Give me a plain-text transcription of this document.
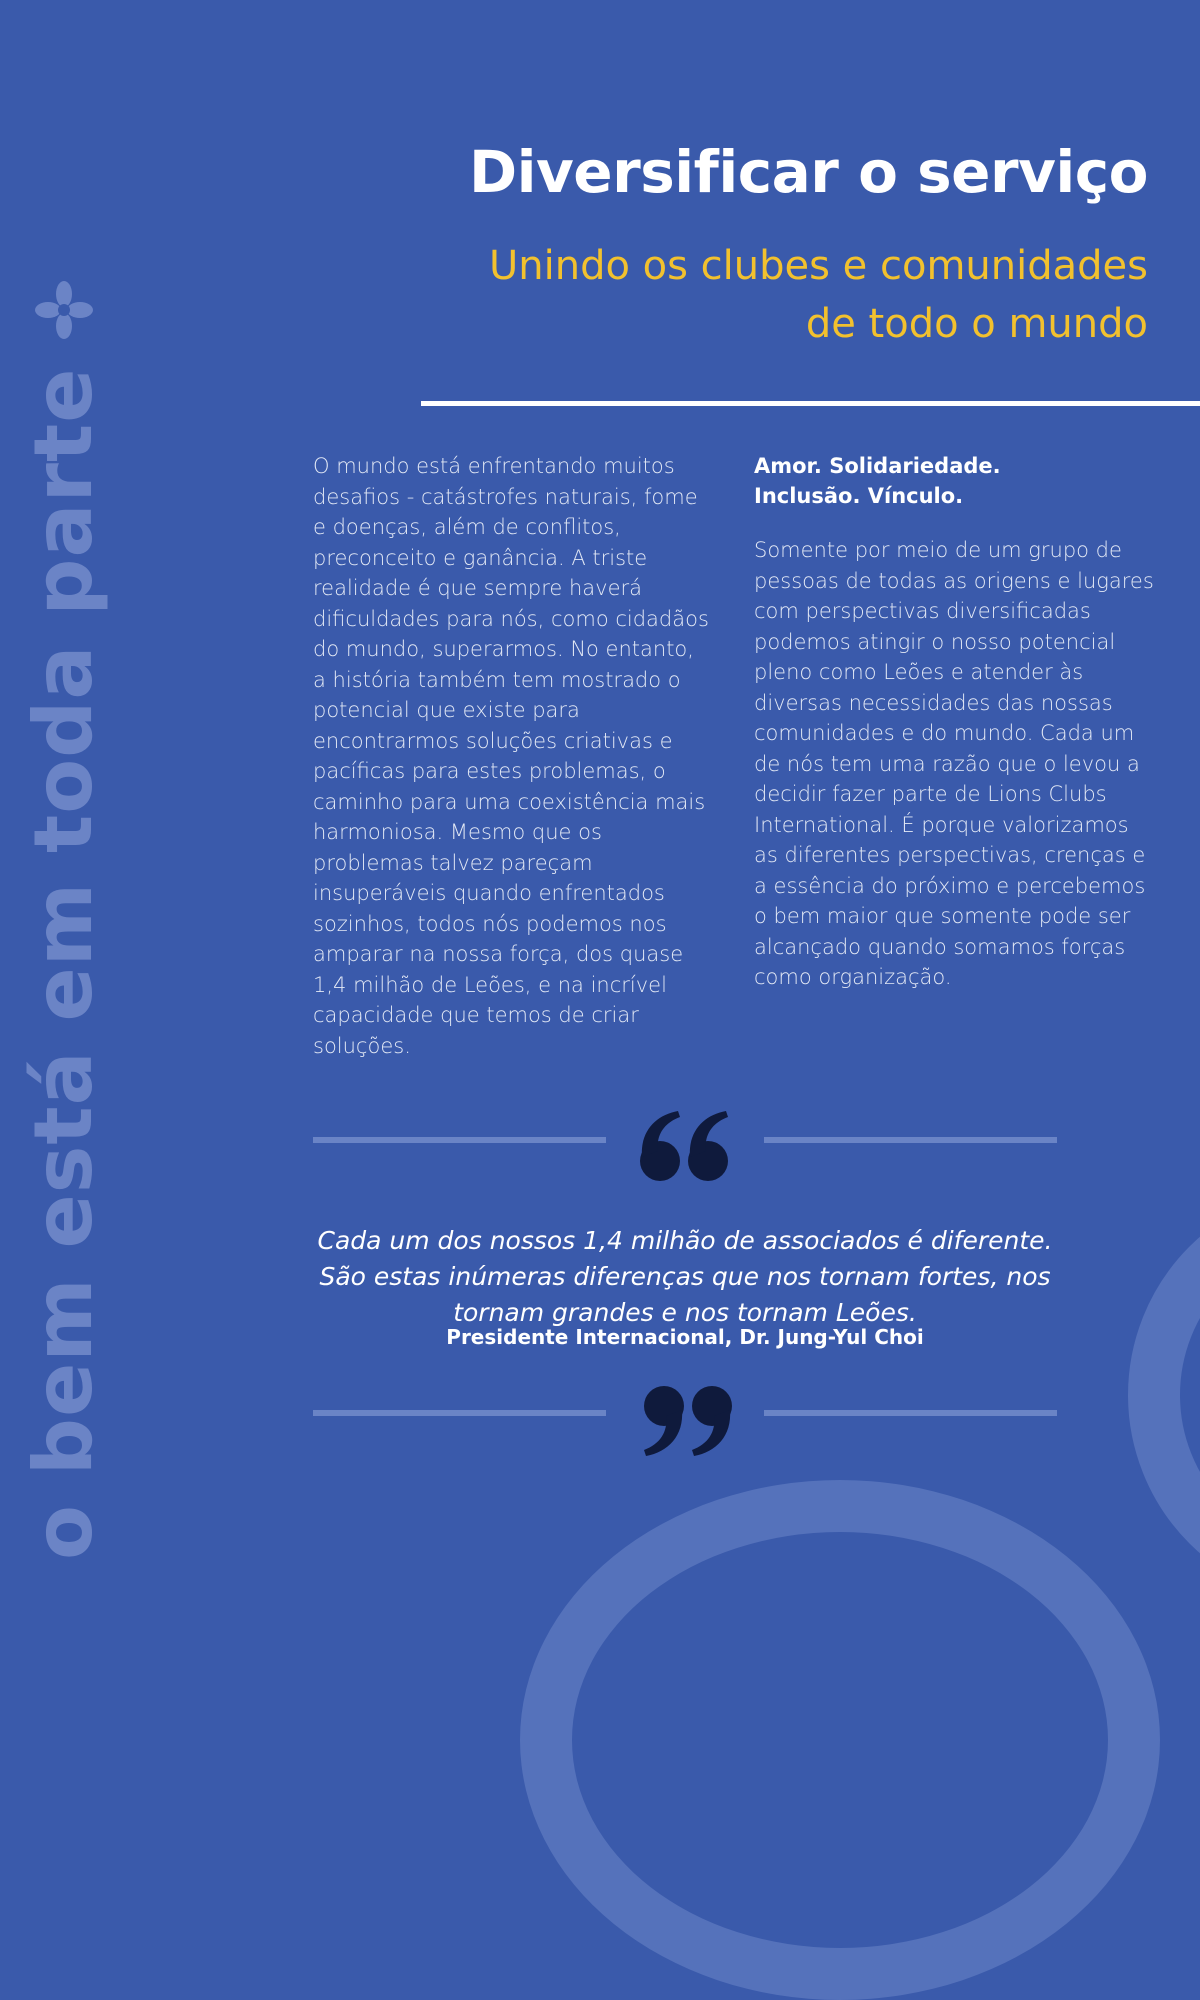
o bem está em toda parte
Diversificar o serviço
Unindo os clubes e comunidades
de todo o mundo
O mundo está enfrentando muitos desafios - catástrofes naturais, fome e doenças, além de conflitos, preconceito e ganância. A triste realidade é que sempre haverá dificuldades para nós, como cidadãos do mundo, superarmos. No entanto, a história também tem mostrado o potencial que existe para encontrarmos soluções criativas e pacíficas para estes problemas, o caminho para uma coexistência mais harmoniosa. Mesmo que os problemas talvez pareçam insuperáveis quando enfrentados sozinhos, todos nós podemos nos amparar na nossa força, dos quase 1,4 milhão de Leões, e na incrível capacidade que temos de criar soluções.
Amor. Solidariedade.
Inclusão. Vínculo.
Somente por meio de um grupo de pessoas de todas as origens e lugares com perspectivas diversificadas podemos atingir o nosso potencial pleno como Leões e atender às diversas necessidades das nossas comunidades e do mundo. Cada um de nós tem uma razão que o levou a decidir fazer parte de Lions Clubs International. É porque valorizamos as diferentes perspectivas, crenças e a essência do próximo e percebemos o bem maior que somente pode ser alcançado quando somamos forças como organização.

Cada um dos nossos 1,4 milhão de associados é diferente. São estas inúmeras diferenças que nos tornam fortes, nos tornam grandes e nos tornam Leões.

Presidente Internacional, Dr. Jung-Yul Choi
